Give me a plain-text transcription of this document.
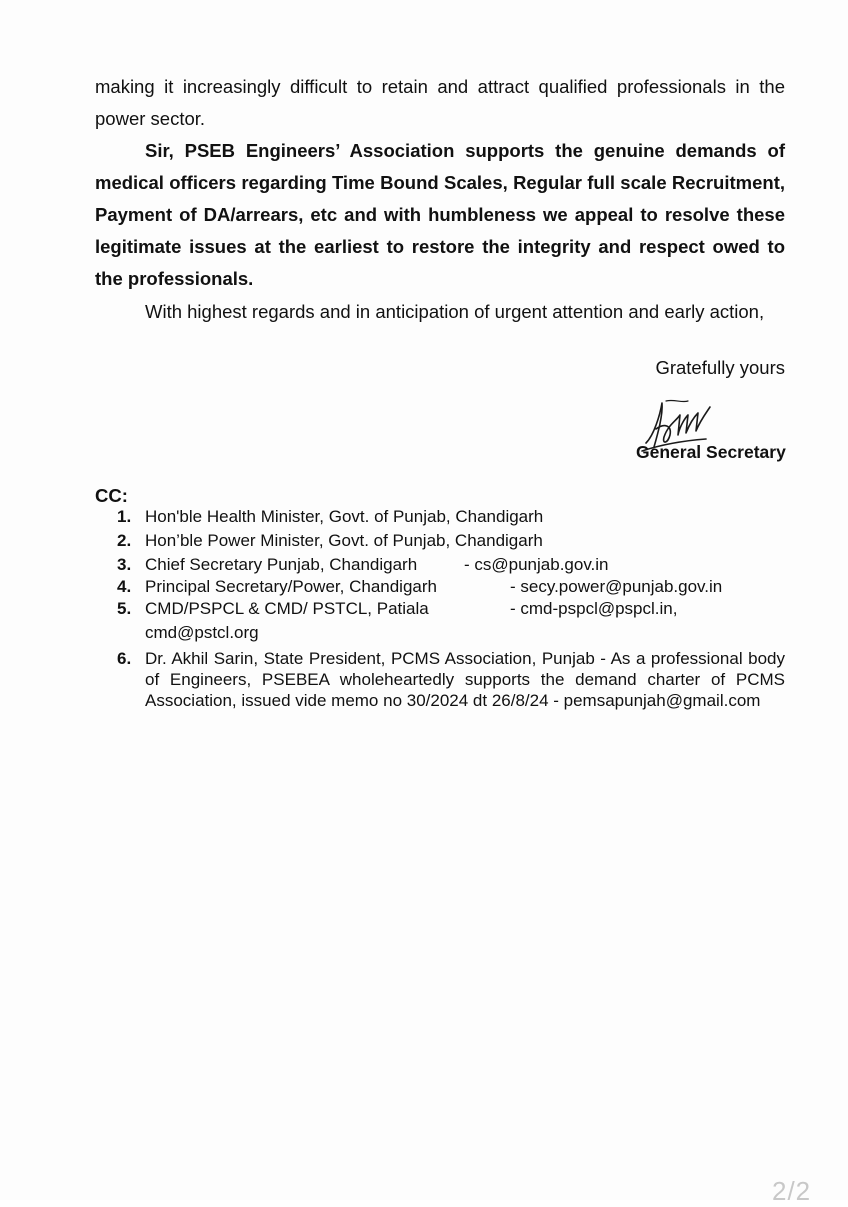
making it increasingly difficult to retain and attract qualified professionals in the
power sector.
Sir, PSEB Engineers’ Association supports the genuine demands of medical officers regarding Time Bound Scales, Regular full scale Recruitment, Payment of DA/arrears, etc and with humbleness we appeal to resolve these legitimate issues at the earliest to restore the integrity and respect owed to the professionals.
With highest regards and in anticipation of urgent attention and early action,
Gratefully yours
General Secretary
CC:
1. Hon'ble Health Minister, Govt. of Punjab, Chandigarh
2. Hon’ble Power Minister, Govt. of Punjab, Chandigarh
3. Chief Secretary Punjab, Chandigarh	- cs@punjab.gov.in
4. Principal Secretary/Power, Chandigarh	- secy.power@punjab.gov.in
5. CMD/PSPCL & CMD/ PSTCL, Patiala	- cmd-pspcl@pspcl.in,
cmd@pstcl.org
6. Dr. Akhil Sarin, State President, PCMS Association, Punjab - As a professional body of Engineers, PSEBEA wholeheartedly supports the demand charter of PCMS Association, issued vide memo no 30/2024 dt 26/8/24 - pemsapunjah@gmail.com
2/2
